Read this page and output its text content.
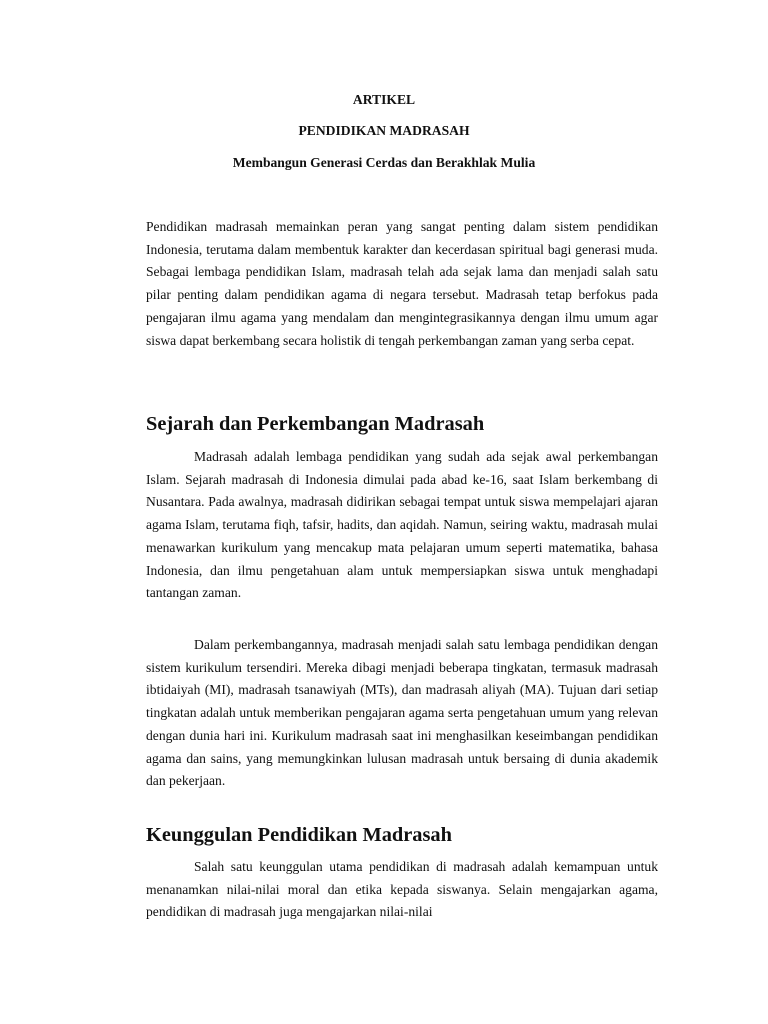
ARTIKEL
PENDIDIKAN MADRASAH
Membangun Generasi Cerdas dan Berakhlak Mulia

Pendidikan madrasah memainkan peran yang sangat penting dalam sistem pendidikan Indonesia, terutama dalam membentuk karakter dan kecerdasan spiritual bagi generasi muda. Sebagai lembaga pendidikan Islam, madrasah telah ada sejak lama dan menjadi salah satu pilar penting dalam pendidikan agama di negara tersebut. Madrasah tetap berfokus pada pengajaran ilmu agama yang mendalam dan mengintegrasikannya dengan ilmu umum agar siswa dapat berkembang secara holistik di tengah perkembangan zaman yang serba cepat.

Sejarah dan Perkembangan Madrasah

Madrasah adalah lembaga pendidikan yang sudah ada sejak awal perkembangan Islam. Sejarah madrasah di Indonesia dimulai pada abad ke-16, saat Islam berkembang di Nusantara. Pada awalnya, madrasah didirikan sebagai tempat untuk siswa mempelajari ajaran agama Islam, terutama fiqh, tafsir, hadits, dan aqidah. Namun, seiring waktu, madrasah mulai menawarkan kurikulum yang mencakup mata pelajaran umum seperti matematika, bahasa Indonesia, dan ilmu pengetahuan alam untuk mempersiapkan siswa untuk menghadapi tantangan zaman.

Dalam perkembangannya, madrasah menjadi salah satu lembaga pendidikan dengan sistem kurikulum tersendiri. Mereka dibagi menjadi beberapa tingkatan, termasuk madrasah ibtidaiyah (MI), madrasah tsanawiyah (MTs), dan madrasah aliyah (MA). Tujuan dari setiap tingkatan adalah untuk memberikan pengajaran agama serta pengetahuan umum yang relevan dengan dunia hari ini. Kurikulum madrasah saat ini menghasilkan keseimbangan pendidikan agama dan sains, yang memungkinkan lulusan madrasah untuk bersaing di dunia akademik dan pekerjaan.

Keunggulan Pendidikan Madrasah

Salah satu keunggulan utama pendidikan di madrasah adalah kemampuan untuk menanamkan nilai-nilai moral dan etika kepada siswanya. Selain mengajarkan agama, pendidikan di madrasah juga mengajarkan nilai-nilai
